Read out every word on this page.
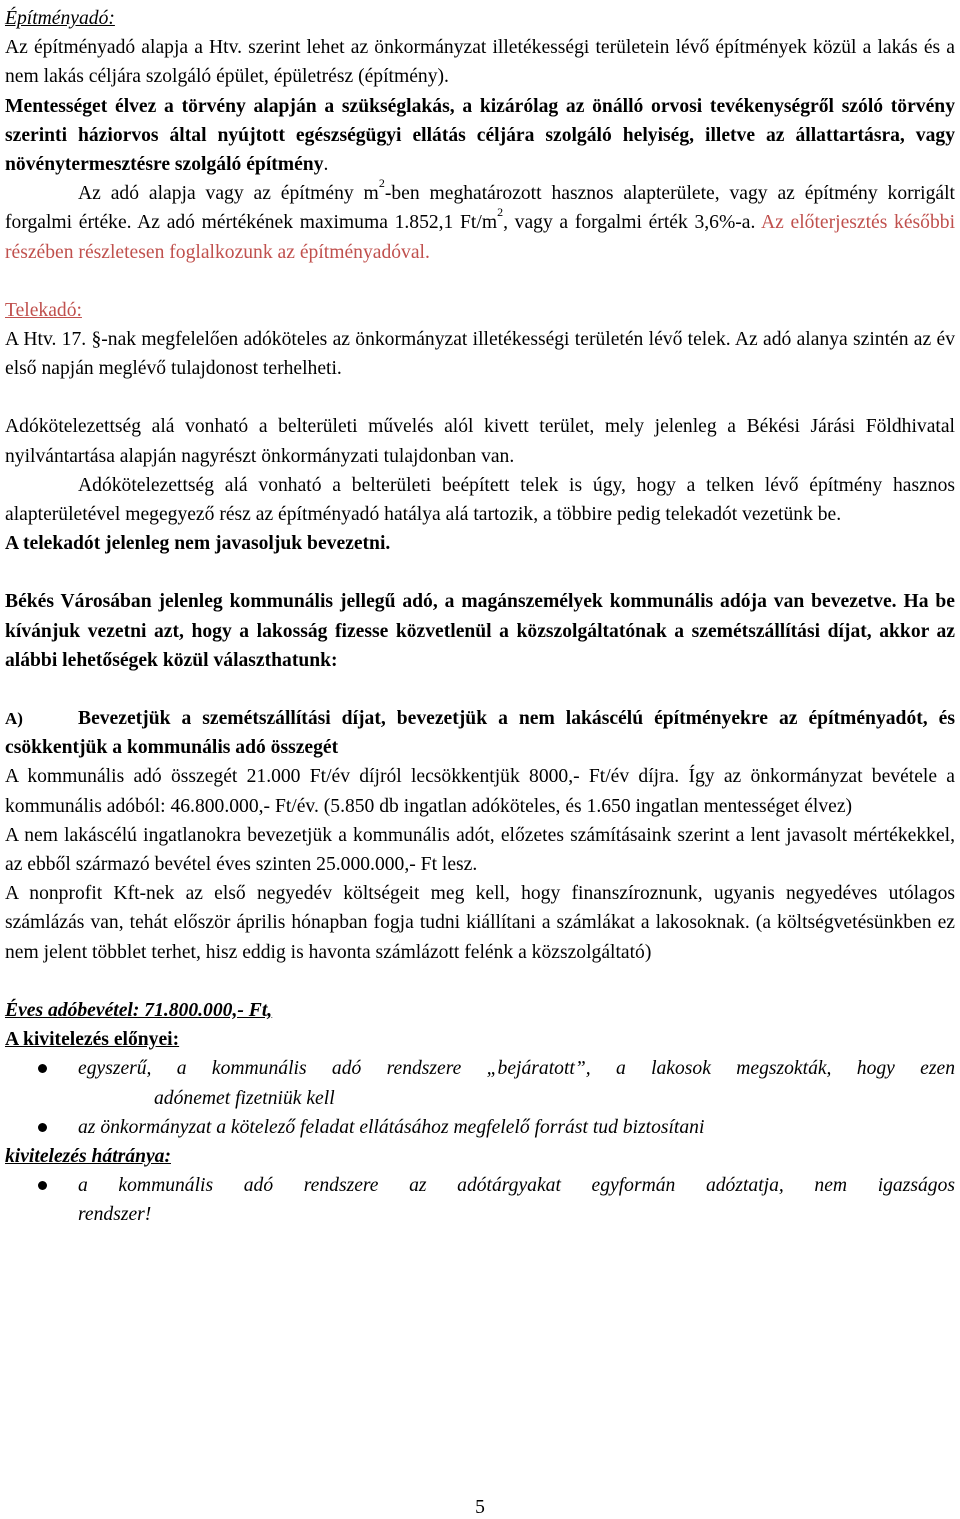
Építményadó:

Az építményadó alapja a Htv. szerint lehet az önkormányzat illetékességi területein lévő építmények közül a lakás és a nem lakás céljára szolgáló épület, épületrész (építmény).

Mentességet élvez a törvény alapján a szükséglakás, a kizárólag az önálló orvosi tevékenységről szóló törvény szerinti háziorvos által nyújtott egészségügyi ellátás céljára szolgáló helyiség, illetve az állattartásra, vagy növénytermesztésre szolgáló építmény.

Az adó alapja vagy az építmény $m^2$-ben meghatározott hasznos alapterülete, vagy az építmény korrigált forgalmi értéke. Az adó mértékének maximuma 1.852,1 $Ft/m^2$, vagy a forgalmi érték 3,6%-a. Az előterjesztés későbbi részében részletesen foglalkozunk az építményadóval.

Telekadó:

A Htv. 17. §-nak megfelelően adóköteles az önkormányzat illetékességi területén lévő telek. Az adó alanya szintén az év első napján meglévő tulajdonost terhelheti.

Adókötelezettség alá vonható a belterületi művelés alól kivett terület, mely jelenleg a Békési Járási Földhivatal nyilvántartása alapján nagyrészt önkormányzati tulajdonban van.

Adókötelezettség alá vonható a belterületi beépített telek is úgy, hogy a telken lévő építmény hasznos alapterületével megegyező rész az építményadó hatálya alá tartozik, a többire pedig telekadót vezetünk be.

A telekadót jelenleg nem javasoljuk bevezetni.

Békés Városában jelenleg kommunális jellegű adó, a magánszemélyek kommunális adója van bevezetve. Ha be kívánjuk vezetni azt, hogy a lakosság fizesse közvetlenül a közszolgáltatónak a szemétszállítási díjat, akkor az alábbi lehetőségek közül választhatunk:

A)	Bevezetjük a szemétszállítási díjat, bevezetjük a nem lakáscélú építményekre az építményadót, és csökkentjük a kommunális adó összegét

A kommunális adó összegét 21.000 Ft/év díjról lecsökkentjük 8000,- Ft/év díjra. Így az önkormányzat bevétele a kommunális adóból: 46.800.000,- Ft/év. (5.850 db ingatlan adóköteles, és 1.650 ingatlan mentességet élvez)

A nem lakáscélú ingatlanokra bevezetjük a kommunális adót, előzetes számításaink szerint a lent javasolt mértékekkel, az ebből származó bevétel éves szinten 25.000.000,- Ft lesz.

A nonprofit Kft-nek az első negyedév költségeit meg kell, hogy finanszíroznunk, ugyanis negyedéves utólagos számlázás van, tehát először április hónapban fogja tudni kiállítani a számlákat a lakosoknak. (a költségvetésünkben ez nem jelent többlet terhet, hisz eddig is havonta számlázott felénk a közszolgáltató)

Éves adóbevétel: 71.800.000,- Ft,
A kivitelezés előnyei:
egyszerű, a kommunális adó rendszere „bejáratott”, a lakosok megszokták, hogy ezen
adónemet fizetniük kell
az önkormányzat a kötelező feladat ellátásához megfelelő forrást tud biztosítani
kivitelezés hátránya:
a kommunális adó rendszere az adótárgyakat egyformán adóztatja, nem igazságos
rendszer!
5
